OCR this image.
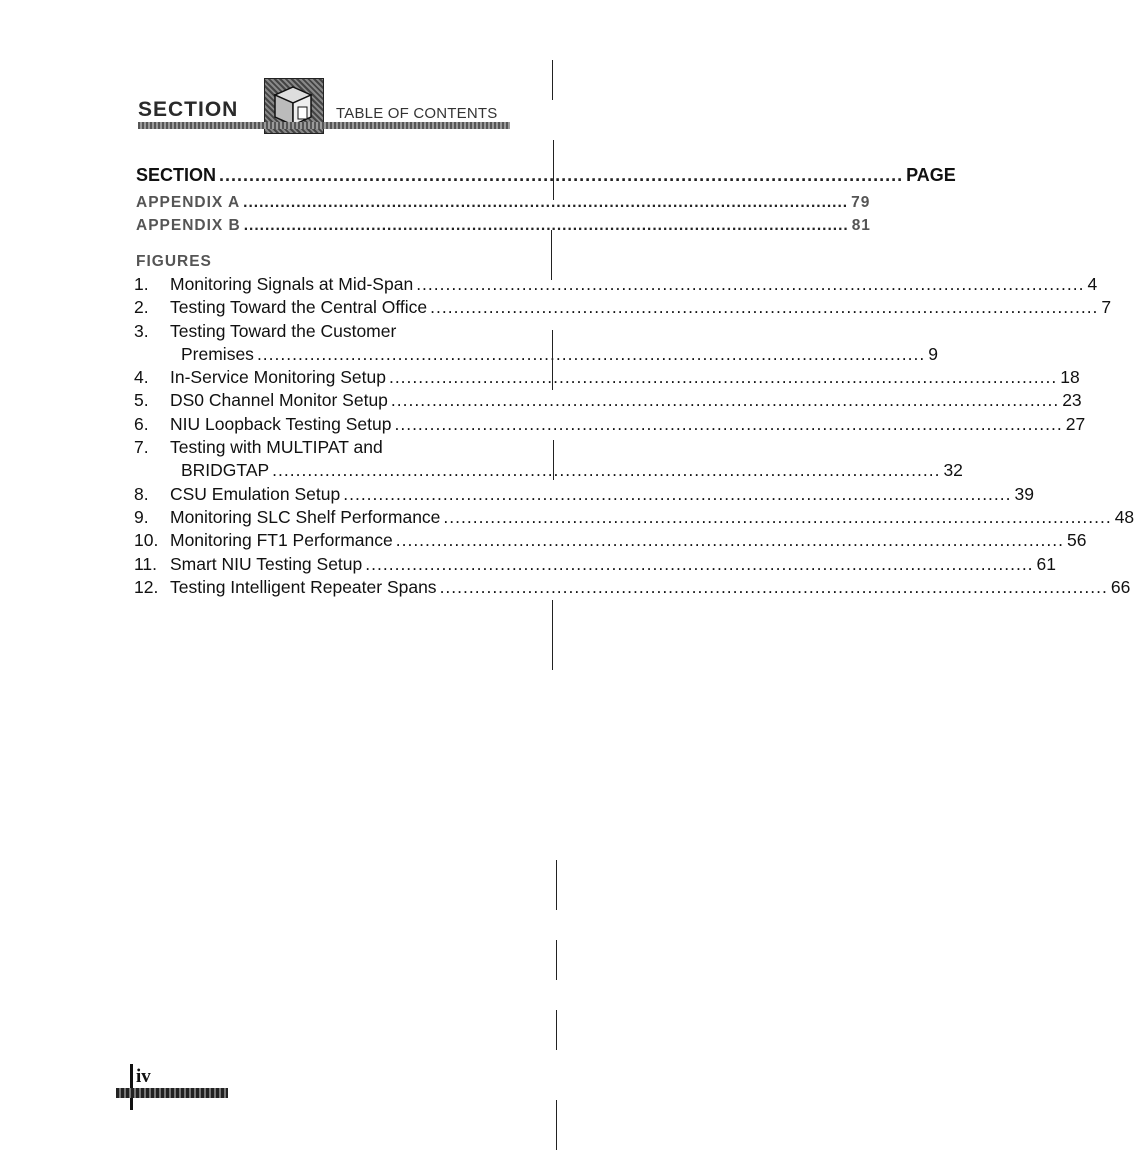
SECTION	TABLE OF CONTENTS
SECTION .....	PAGE
APPENDIX A .....	79
APPENDIX B .....	81
FIGURES
1.	Monitoring Signals at Mid-Span .....	4
2.	Testing Toward the Central Office .....	7
3.	Testing Toward the Customer
Premises .....	9
4.	In-Service Monitoring Setup .....	18
5.	DS0 Channel Monitor Setup .....	23
6.	NIU Loopback Testing Setup .....	27
7.	Testing with MULTIPAT and
BRIDGTAP .....	32
8.	CSU Emulation Setup .....	39
9.	Monitoring SLC Shelf Performance .....	48
10. Monitoring FT1 Performance .....	56
11. Smart NIU Testing Setup .....	61
12. Testing Intelligent Repeater Spans .....	66
iv
